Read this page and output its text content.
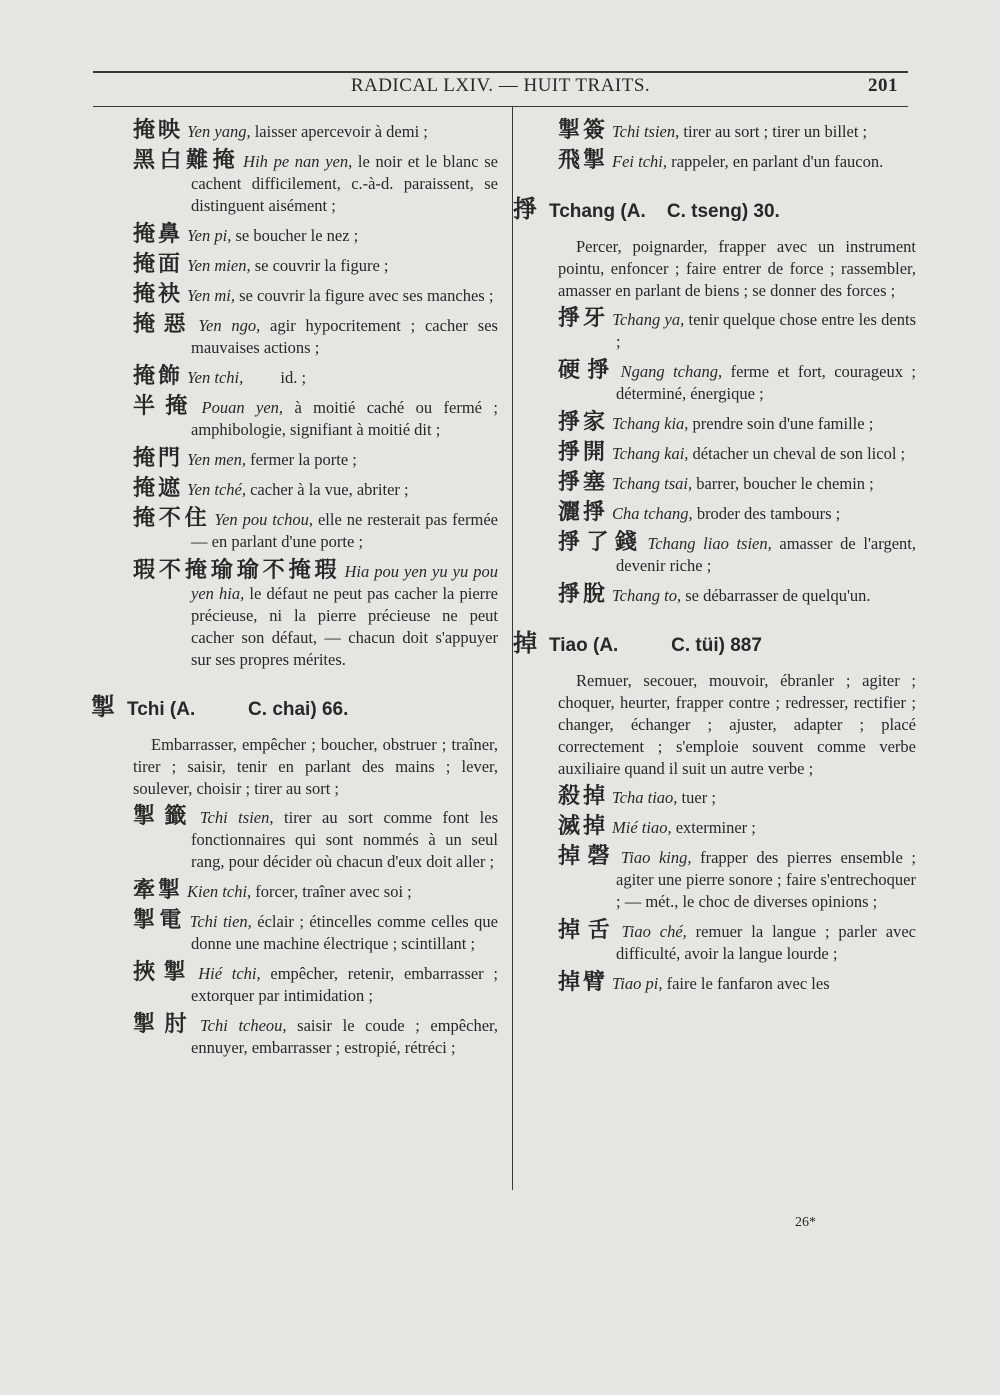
RADICAL LXIV. — HUIT TRAITS.	201

掩映 Yen yang, laisser apercevoir à demi ;

黑白難掩 Hih pe nan yen, le noir et le blanc se cachent difficilement, c.-à-d. paraissent, se distinguent aisément ;

掩鼻 Yen pi, se boucher le nez ;

掩面 Yen mien, se couvrir la figure ;

掩袂 Yen mi, se couvrir la figure avec ses manches ;

掩惡 Yen ngo, agir hypocritement ; cacher ses mauvaises actions ;

掩飾 Yen tchi,         id. ;

半掩 Pouan yen, à moitié caché ou fermé ; amphibologie, signifiant à moitié dit ;

掩門 Yen men, fermer la porte ;

掩遮 Yen tché, cacher à la vue, abriter ;

掩不住 Yen pou tchou, elle ne resterait pas fermée — en parlant d'une porte ;

瑕不掩瑜瑜不掩瑕 Hia pou yen yu yu pou yen hia, le défaut ne peut pas cacher la pierre précieuse, ni la pierre précieuse ne peut cacher son défaut, — chacun doit s'appuyer sur ses propres mérites.

掣 Tchi (A.          C. chai) 66.

Embarrasser, empêcher ; boucher, obstruer ; traîner, tirer ; saisir, tenir en parlant des mains ; lever, soulever, choisir ; tirer au sort ;

掣籤 Tchi tsien, tirer au sort comme font les fonctionnaires qui sont nommés à un seul rang, pour décider où chacun d'eux doit aller ;

牽掣 Kien tchi, forcer, traîner avec soi ;

掣電 Tchi tien, éclair ; étincelles comme celles que donne une machine électrique ; scintillant ;

挾掣 Hié tchi, empêcher, retenir, embarrasser ; extorquer par intimidation ;

掣肘 Tchi tcheou, saisir le coude ; empêcher, ennuyer, embarrasser ; estropié, rétréci ;

掣簽 Tchi tsien, tirer au sort ; tirer un billet ;

飛掣 Fei tchi, rappeler, en parlant d'un faucon.

掙 Tchang (A.    C. tseng) 30.

Percer, poignarder, frapper avec un instrument pointu, enfoncer ; faire entrer de force ; rassembler, amasser en parlant de biens ; se donner des forces ;

掙牙 Tchang ya, tenir quelque chose entre les dents ;

硬掙 Ngang tchang, ferme et fort, courageux ; déterminé, énergique ;

掙家 Tchang kia, prendre soin d'une famille ;

掙開 Tchang kai, détacher un cheval de son licol ;

掙塞 Tchang tsai, barrer, boucher le chemin ;

灑掙 Cha tchang, broder des tambours ;

掙了錢 Tchang liao tsien, amasser de l'argent, devenir riche ;

掙脫 Tchang to, se débarrasser de quelqu'un.

掉 Tiao (A.          C. tüi) 887

Remuer, secouer, mouvoir, ébranler ; agiter ; choquer, heurter, frapper contre ; redresser, rectifier ; changer, échanger ; ajuster, adapter ; placé correctement ; s'emploie souvent comme verbe auxiliaire quand il suit un autre verbe ;

殺掉 Tcha tiao, tuer ;

滅掉 Mié tiao, exterminer ;

掉磬 Tiao king, frapper des pierres ensemble ; agiter une pierre sonore ; faire s'entrechoquer ; — mét., le choc de diverses opinions ;

掉舌 Tiao ché, remuer la langue ; parler avec difficulté, avoir la langue lourde ;

掉臂 Tiao pi, faire le fanfaron avec les

26*
